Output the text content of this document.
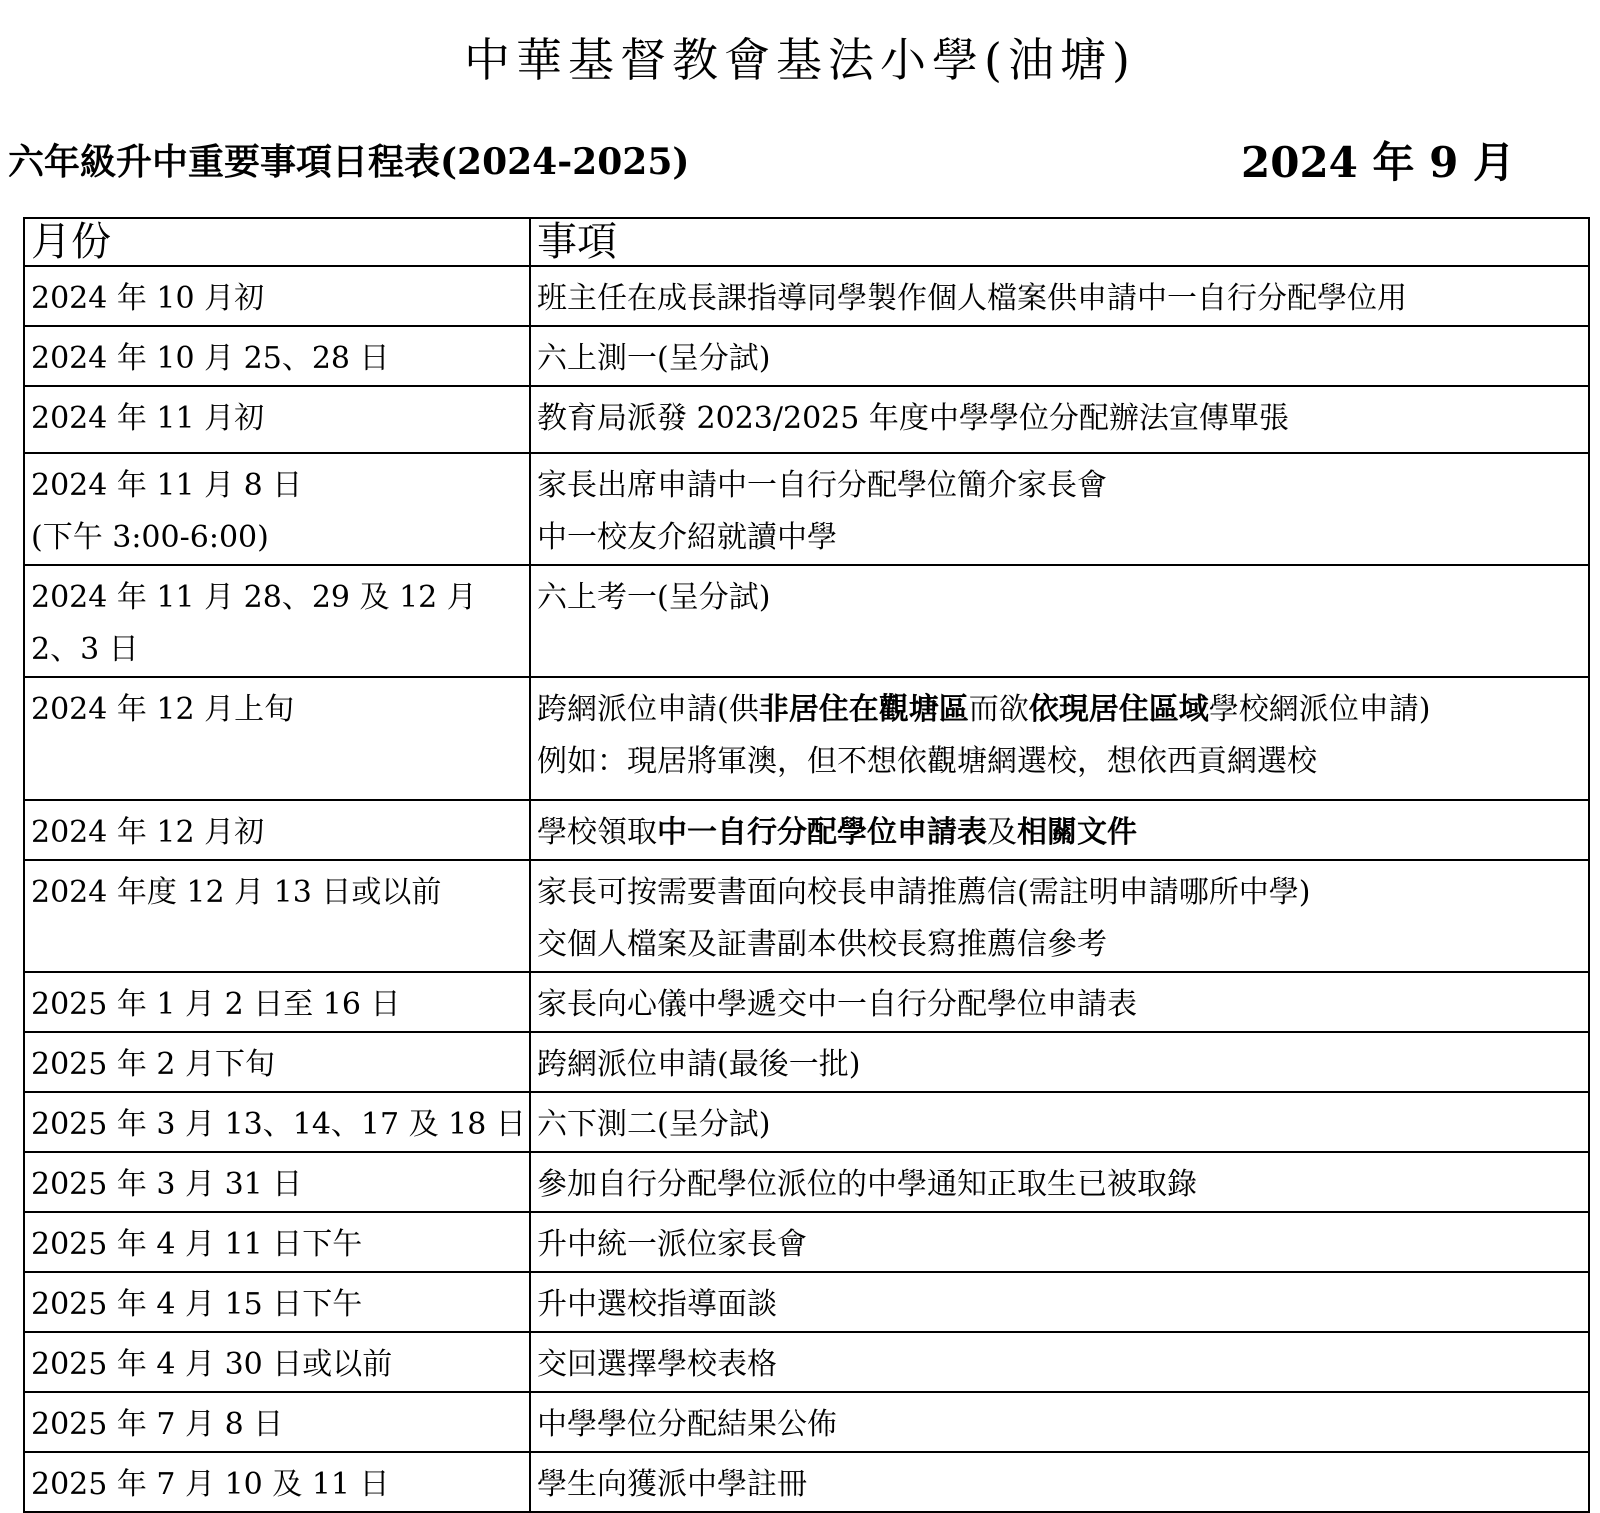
中華基督教會基法小學(油塘)
六年級升中重要事項日程表(2024-2025)	2024 年 9 月
月份	事項

2024 年 10 月初	班主任在成長課指導同學製作個人檔案供申請中一自行分配學位用

2024 年 10 月 25、28 日	六上測一(呈分試)

2024 年 11 月初	教育局派發 2023/2025 年度中學學位分配辦法宣傳單張

2024 年 11 月 8 日
(下午 3:00-6:00)	家長出席申請中一自行分配學位簡介家長會
中一校友介紹就讀中學

2024 年 11 月 28、29 及 12 月 2、3 日	六上考一(呈分試)

2024 年 12 月上旬	跨網派位申請(供非居住在觀塘區而欲依現居住區域學校網派位申請)
例如：現居將軍澳，但不想依觀塘網選校，想依西貢網選校

2024 年 12 月初	學校領取中一自行分配學位申請表及相關文件

2024 年度 12 月 13 日或以前	家長可按需要書面向校長申請推薦信(需註明申請哪所中學)
交個人檔案及証書副本供校長寫推薦信參考

2025 年 1 月 2 日至 16 日	家長向心儀中學遞交中一自行分配學位申請表

2025 年 2 月下旬	跨網派位申請(最後一批)

2025 年 3 月 13、14、17 及 18 日	六下測二(呈分試)

2025 年 3 月 31 日	參加自行分配學位派位的中學通知正取生已被取錄

2025 年 4 月 11 日下午	升中統一派位家長會

2025 年 4 月 15 日下午	升中選校指導面談

2025 年 4 月 30 日或以前	交回選擇學校表格

2025 年 7 月 8 日	中學學位分配結果公佈

2025 年 7 月 10 及 11 日	學生向獲派中學註冊
